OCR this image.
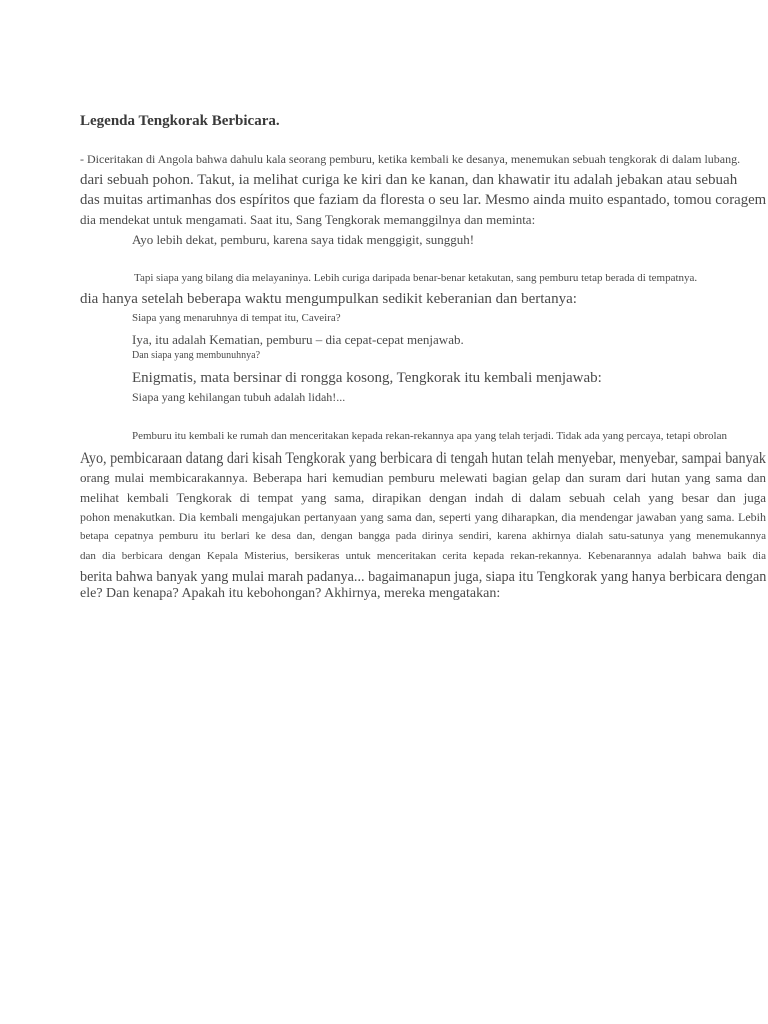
Legenda Tengkorak Berbicara.
- Diceritakan di Angola bahwa dahulu kala seorang pemburu, ketika kembali ke desanya, menemukan sebuah tengkorak di dalam lubang.
dari sebuah pohon. Takut, ia melihat curiga ke kiri dan ke kanan, dan khawatir itu adalah jebakan atau sebuah
das muitas artimanhas dos espíritos que faziam da floresta o seu lar. Mesmo ainda muito espantado, tomou coragem
dia mendekat untuk mengamati. Saat itu, Sang Tengkorak memanggilnya dan meminta:
Ayo lebih dekat, pemburu, karena saya tidak menggigit, sungguh!
Tapi siapa yang bilang dia melayaninya. Lebih curiga daripada benar-benar ketakutan, sang pemburu tetap berada di tempatnya.
dia hanya setelah beberapa waktu mengumpulkan sedikit keberanian dan bertanya:
Siapa yang menaruhnya di tempat itu, Caveira?
Iya, itu adalah Kematian, pemburu – dia cepat-cepat menjawab.
Dan siapa yang membunuhnya?
Enigmatis, mata bersinar di rongga kosong, Tengkorak itu kembali menjawab:
Siapa yang kehilangan tubuh adalah lidah!...
Pemburu itu kembali ke rumah dan menceritakan kepada rekan-rekannya apa yang telah terjadi. Tidak ada yang percaya, tetapi obrolan
Ayo, pembicaraan datang dari kisah Tengkorak yang berbicara di tengah hutan telah menyebar, menyebar, sampai banyak
orang mulai membicarakannya. Beberapa hari kemudian pemburu melewati bagian gelap dan suram dari hutan yang sama dan
melihat kembali Tengkorak di tempat yang sama, dirapikan dengan indah di dalam sebuah celah yang besar dan juga
pohon menakutkan. Dia kembali mengajukan pertanyaan yang sama dan, seperti yang diharapkan, dia mendengar jawaban yang sama. Lebih
betapa cepatnya pemburu itu berlari ke desa dan, dengan bangga pada dirinya sendiri, karena akhirnya dialah satu-satunya yang menemukannya
dan dia berbicara dengan Kepala Misterius, bersikeras untuk menceritakan cerita kepada rekan-rekannya. Kebenarannya adalah bahwa baik dia
berita bahwa banyak yang mulai marah padanya... bagaimanapun juga, siapa itu Tengkorak yang hanya berbicara dengan
ele? Dan kenapa? Apakah itu kebohongan? Akhirnya, mereka mengatakan:
